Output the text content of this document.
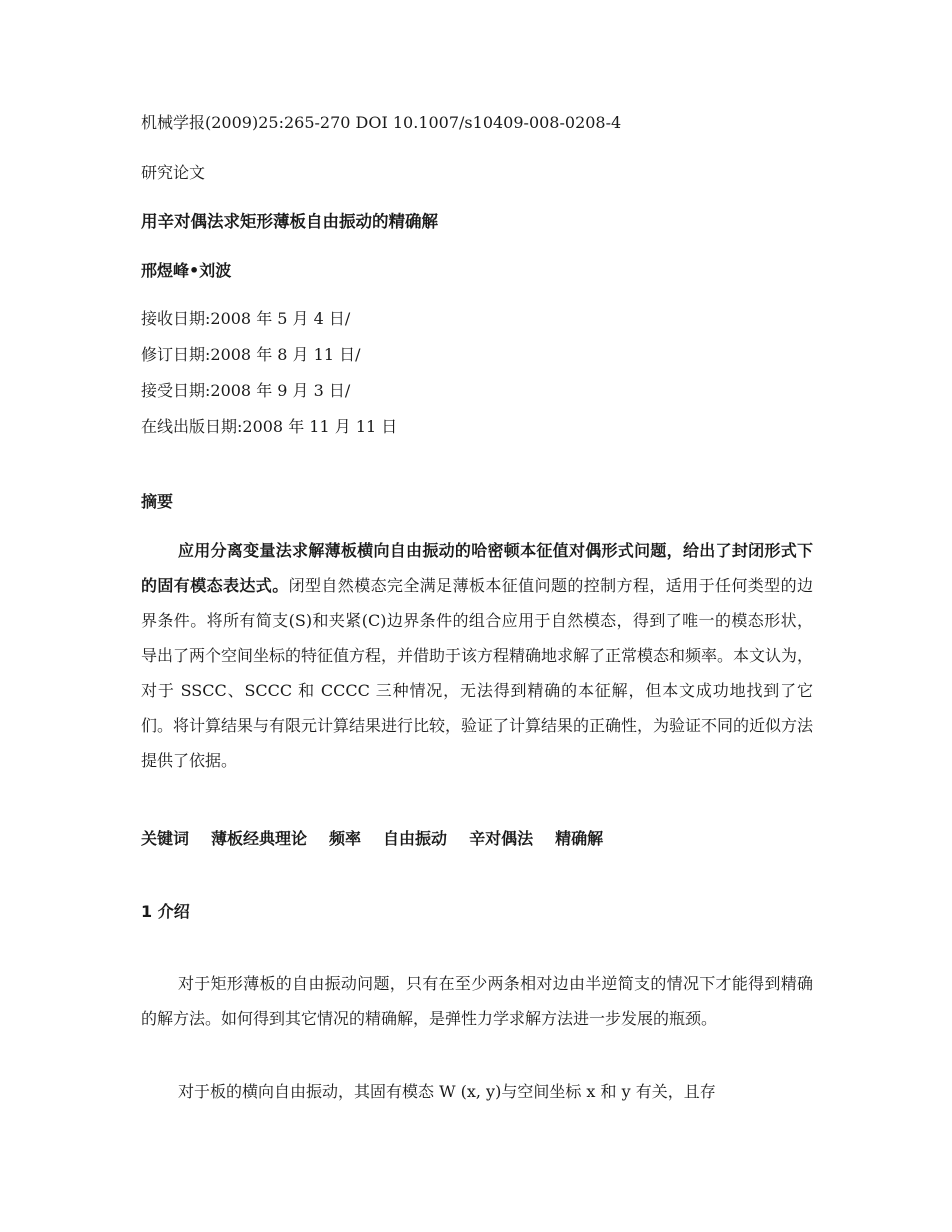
机械学报(2009)25:265-270 DOI 10.1007/s10409-008-0208-4

研究论文

用辛对偶法求矩形薄板自由振动的精确解

邢煜峰•刘波

接收日期:2008 年 5 月 4 日/

修订日期:2008 年 8 月 11 日/

接受日期:2008 年 9 月 3 日/

在线出版日期:2008 年 11 月 11 日

摘要

应用分离变量法求解薄板横向自由振动的哈密顿本征值对偶形式问题，给出了封闭形式下的固有模态表达式。闭型自然模态完全满足薄板本征值问题的控制方程，适用于任何类型的边界条件。将所有简支(S)和夹紧(C)边界条件的组合应用于自然模态，得到了唯一的模态形状，导出了两个空间坐标的特征值方程，并借助于该方程精确地求解了正常模态和频率。本文认为，对于 SSCC、SCCC 和 CCCC 三种情况，无法得到精确的本征解，但本文成功地找到了它们。将计算结果与有限元计算结果进行比较，验证了计算结果的正确性，为验证不同的近似方法提供了依据。

关键词 薄板经典理论 频率 自由振动 辛对偶法 精确解

1 介绍

对于矩形薄板的自由振动问题，只有在至少两条相对边由半逆简支的情况下才能得到精确的解方法。如何得到其它情况的精确解，是弹性力学求解方法进一步发展的瓶颈。

对于板的横向自由振动，其固有模态 W (x, y)与空间坐标 x 和 y 有关，且存
